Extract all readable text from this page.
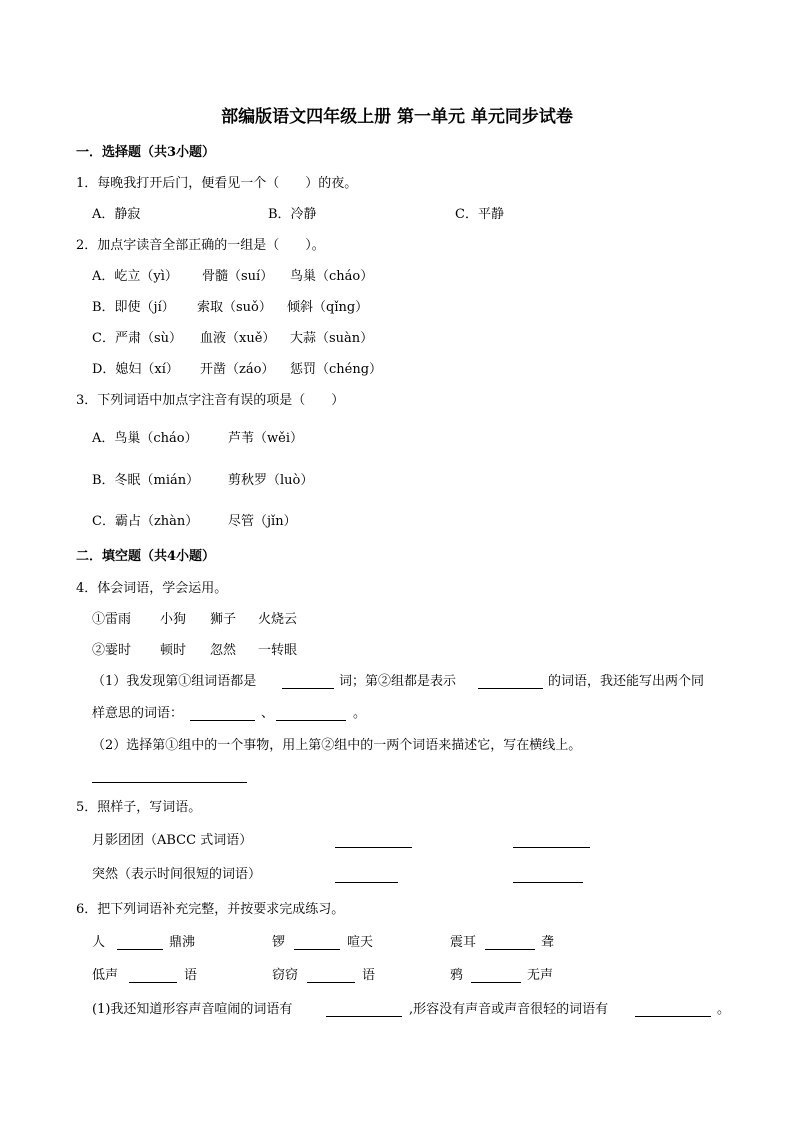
部编版语文四年级上册 第一单元 单元同步试卷
一．选择题（共3小题）
1．每晚我打开后门，便看见一个（　　）的夜。
A．静寂	B．冷静	C．平静
2．加点字读音全部正确的一组是（　　）。
A．屹立（yì） 骨髓（suí） 鸟巢（cháo）
B．即使（jí） 索取（suǒ） 倾斜（qǐng）
C．严肃（sù） 血液（xuě） 大蒜（suàn）
D．媳妇（xí） 开凿（záo） 惩罚（chéng）
3．下列词语中加点字注音有误的项是（　　）
A．鸟巢（cháo） 芦苇（wěi）
B．冬眠（mián） 剪秋罗（luò）
C．霸占（zhàn） 尽管（jǐn）
二．填空题（共4小题）
4．体会词语，学会运用。
①雷雨 小狗 狮子 火烧云
②霎时 顿时 忽然 一转眼
（1）我发现第①组词语都是	词；第②组都是表示	的词语，我还能写出两个同
样意思的词语：	、	。
（2）选择第①组中的一个事物，用上第②组中的一两个词语来描述它，写在横线上。
5．照样子，写词语。
月影团团（ABCC 式词语）
突然（表示时间很短的词语）
6．把下列词语补充完整，并按要求完成练习。
人	鼎沸	锣	喧天	震耳	聋
低声	语	窃窃	语	鸦	无声
(1)我还知道形容声音喧闹的词语有	,形容没有声音或声音很轻的词语有	。
